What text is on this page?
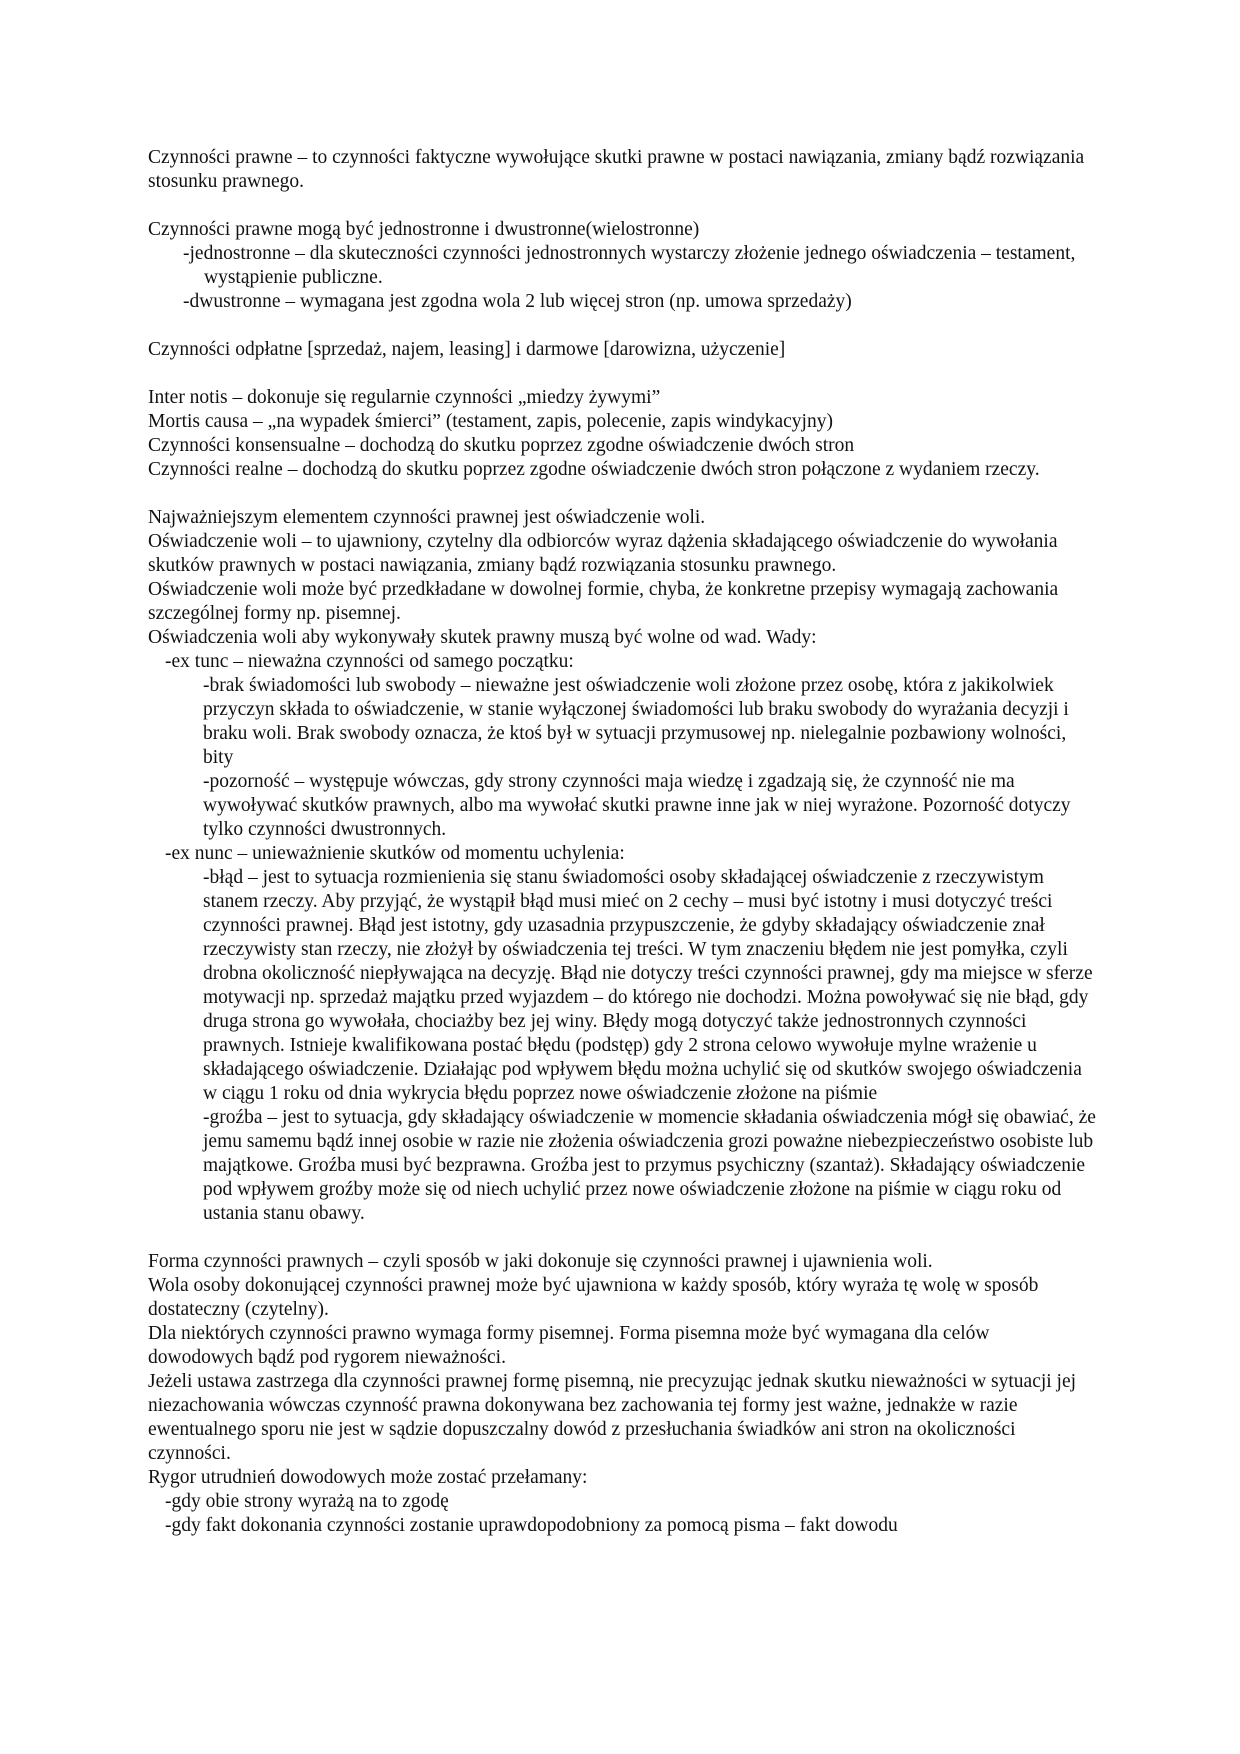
Czynności prawne – to czynności faktyczne wywołujące skutki prawne w postaci nawiązania, zmiany bądź rozwiązania stosunku prawnego.

Czynności prawne mogą być jednostronne i dwustronne(wielostronne)

-jednostronne – dla skuteczności czynności jednostronnych wystarczy złożenie jednego oświadczenia – testament, wystąpienie publiczne.

-dwustronne – wymagana jest zgodna wola 2 lub więcej stron (np. umowa sprzedaży)

Czynności odpłatne [sprzedaż, najem, leasing] i darmowe [darowizna, użyczenie]

Inter notis – dokonuje się regularnie czynności „miedzy żywymi”

Mortis causa – „na wypadek śmierci” (testament, zapis, polecenie, zapis windykacyjny)

Czynności konsensualne – dochodzą do skutku poprzez zgodne oświadczenie dwóch stron

Czynności realne – dochodzą do skutku poprzez zgodne oświadczenie dwóch stron połączone z wydaniem rzeczy.

Najważniejszym elementem czynności prawnej jest oświadczenie woli.

Oświadczenie woli – to ujawniony, czytelny dla odbiorców wyraz dążenia składającego oświadczenie do wywołania skutków prawnych w postaci nawiązania, zmiany bądź rozwiązania stosunku prawnego.

Oświadczenie woli może być przedkładane w dowolnej formie, chyba, że konkretne przepisy wymagają zachowania szczególnej formy np. pisemnej.

Oświadczenia woli aby wykonywały skutek prawny muszą być wolne od wad. Wady:

-ex tunc – nieważna czynności od samego początku:

-brak świadomości lub swobody – nieważne jest oświadczenie woli złożone przez osobę, która z jakikolwiek przyczyn składa to oświadczenie, w stanie wyłączonej świadomości lub braku swobody do wyrażania decyzji i braku woli. Brak swobody oznacza, że ktoś był w sytuacji przymusowej np. nielegalnie pozbawiony wolności, bity

-pozorność – występuje wówczas, gdy strony czynności maja wiedzę i zgadzają się, że czynność nie ma wywoływać skutków prawnych, albo ma wywołać skutki prawne inne jak w niej wyrażone. Pozorność dotyczy tylko czynności dwustronnych.

-ex nunc – unieważnienie skutków od momentu uchylenia:

-błąd – jest to sytuacja rozmienienia się stanu świadomości osoby składającej oświadczenie z rzeczywistym stanem rzeczy. Aby przyjąć, że wystąpił błąd musi mieć on 2 cechy – musi być istotny i musi dotyczyć treści czynności prawnej. Błąd jest istotny, gdy uzasadnia przypuszczenie, że gdyby składający oświadczenie znał rzeczywisty stan rzeczy, nie złożył by oświadczenia tej treści. W tym znaczeniu błędem nie jest pomyłka, czyli drobna okoliczność niepływająca na decyzję. Błąd nie dotyczy treści czynności prawnej, gdy ma miejsce w sferze motywacji np. sprzedaż majątku przed wyjazdem – do którego nie dochodzi. Można powoływać się nie błąd, gdy druga strona go wywołała, chociażby bez jej winy. Błędy mogą dotyczyć także jednostronnych czynności prawnych. Istnieje kwalifikowana postać błędu (podstęp) gdy 2 strona celowo wywołuje mylne wrażenie u składającego oświadczenie. Działając pod wpływem błędu można uchylić się od skutków swojego oświadczenia w ciągu 1 roku od dnia wykrycia błędu poprzez nowe oświadczenie złożone na piśmie

-groźba – jest to sytuacja, gdy składający oświadczenie w momencie składania oświadczenia mógł się obawiać, że jemu samemu bądź innej osobie w razie nie złożenia oświadczenia grozi poważne niebezpieczeństwo osobiste lub majątkowe. Groźba musi być bezprawna. Groźba jest to przymus psychiczny (szantaż). Składający oświadczenie pod wpływem groźby może się od niech uchylić przez nowe oświadczenie złożone na piśmie w ciągu roku od ustania stanu obawy.

Forma czynności prawnych – czyli sposób w jaki dokonuje się czynności prawnej i ujawnienia woli.

Wola osoby dokonującej czynności prawnej może być ujawniona w każdy sposób, który wyraża tę wolę w sposób dostateczny (czytelny).

Dla niektórych czynności prawno wymaga formy pisemnej. Forma pisemna może być wymagana dla celów dowodowych bądź pod rygorem nieważności.

Jeżeli ustawa zastrzega dla czynności prawnej formę pisemną, nie precyzując jednak skutku nieważności w sytuacji jej niezachowania wówczas czynność prawna dokonywana bez zachowania tej formy jest ważne, jednakże w razie ewentualnego sporu nie jest w sądzie dopuszczalny dowód z przesłuchania świadków ani stron na okoliczności czynności.

Rygor utrudnień dowodowych może zostać przełamany:

-gdy obie strony wyrażą na to zgodę

-gdy fakt dokonania czynności zostanie uprawdopodobniony za pomocą pisma – fakt dowodu
